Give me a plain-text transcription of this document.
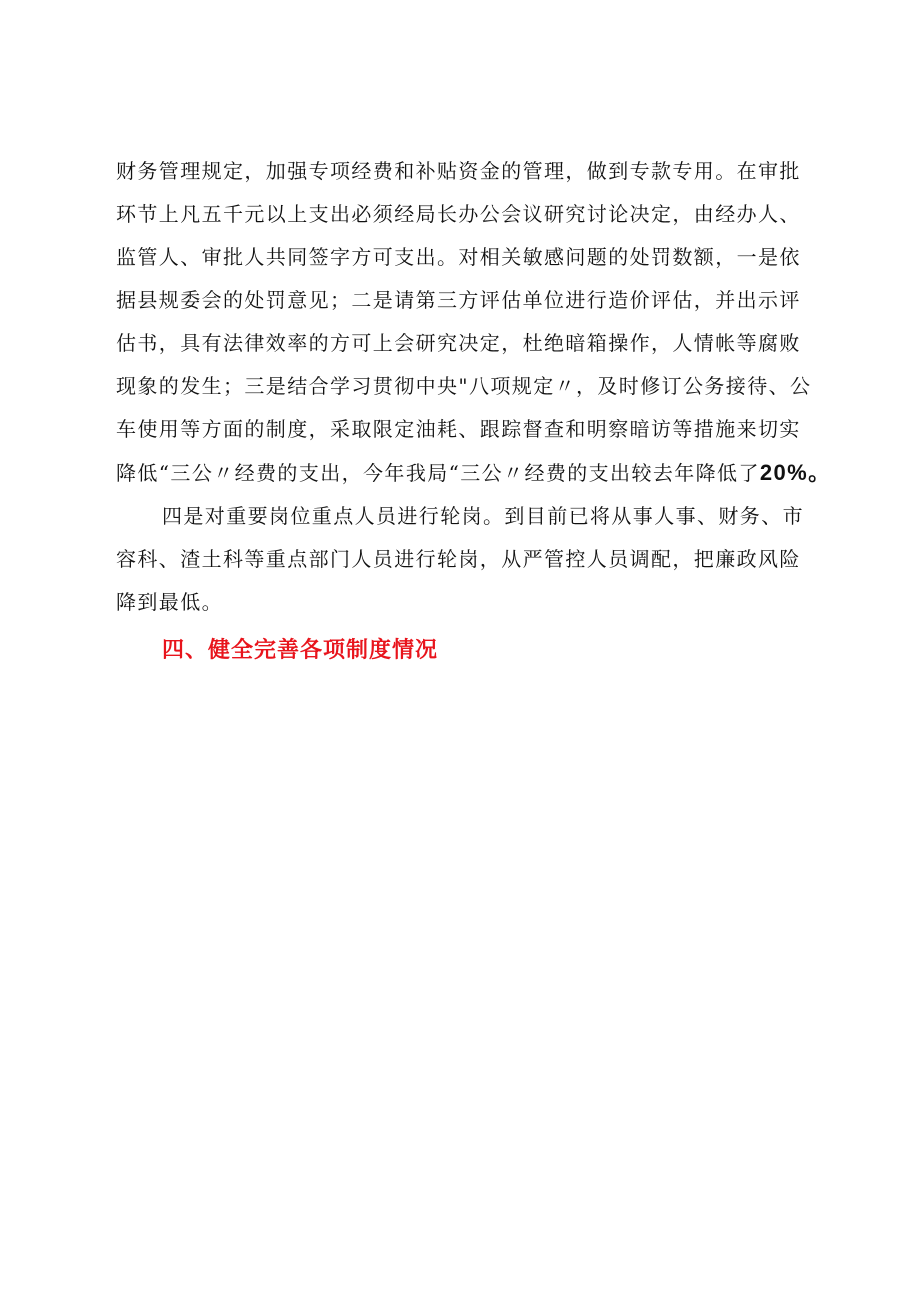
财务管理规定，加强专项经费和补贴资金的管理，做到专款专用。在审批
环节上凡五千元以上支出必须经局长办公会议研究讨论决定，由经办人、
监管人、审批人共同签字方可支出。对相关敏感问题的处罚数额，一是依
据县规委会的处罚意见；二是请第三方评估单位进行造价评估，并出示评
估书，具有法律效率的方可上会研究决定，杜绝暗箱操作，人情帐等腐败
现象的发生；三是结合学习贯彻中央"八项规定〃，及时修订公务接待、公
车使用等方面的制度，采取限定油耗、跟踪督查和明察暗访等措施来切实
降低“三公〃经费的支出，今年我局“三公〃经费的支出较去年降低了20%。

四是对重要岗位重点人员进行轮岗。到目前已将从事人事、财务、市
容科、渣土科等重点部门人员进行轮岗，从严管控人员调配，把廉政风险
降到最低。

四、健全完善各项制度情况
